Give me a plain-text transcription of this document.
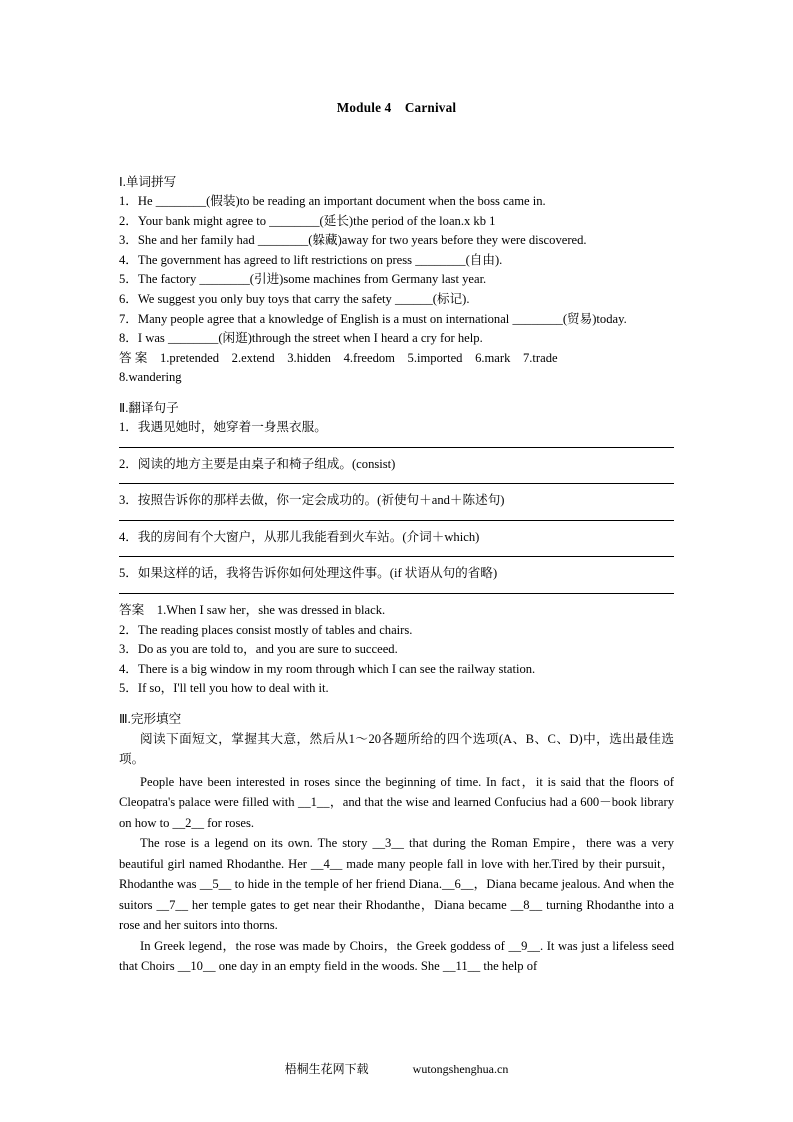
Module 4　Carnival
Ⅰ.单词拼写
1．He ________(假装)to be reading an important document when the boss came in.
2．Your bank might agree to ________(延长)the period of the loan.x kb 1
3．She and her family had ________(躲藏)away for two years before they were discovered.
4．The government has agreed to lift restrictions on press ________(自由).
5．The factory ________(引进)some machines from Germany last year.
6．We suggest you only buy toys that carry the safety ______(标记).
7．Many people agree that a knowledge of English is a must on international ________(贸易)today.
8．I was ________(闲逛)through the street when I heard a cry for help.
答 案 1.pretended　2.extend　3.hidden　4.freedom　5.imported　6.mark　7.trade
8.wandering
Ⅱ.翻译句子
1．我遇见她时，她穿着一身黑衣服。
2．阅读的地方主要是由桌子和椅子组成。(consist)
3．按照告诉你的那样去做，你一定会成功的。(祈使句＋and＋陈述句)
4．我的房间有个大窗户，从那儿我能看到火车站。(介词＋which)
5．如果这样的话，我将告诉你如何处理这件事。(if 状语从句的省略)
答案 1.When I saw her，she was dressed in black.
2．The reading places consist mostly of tables and chairs.
3．Do as you are told to，and you are sure to succeed.
4．There is a big window in my room through which I can see the railway station.
5．If so，I'll tell you how to deal with it.
Ⅲ.完形填空
阅读下面短文，掌握其大意，然后从1～20各题所给的四个选项(A、B、C、D)中，选出最佳选项。

People have been interested in roses since the beginning of time. In fact，it is said that the floors of Cleopatra's palace were filled with __1__，and that the wise and learned Confucius had a 600－book library on how to __2__ for roses.

The rose is a legend on its own. The story __3__ that during the Roman Empire，there was a very beautiful girl named Rhodanthe. Her __4__ made many people fall in love with her.Tired by their pursuit，Rhodanthe was __5__ to hide in the temple of her friend Diana.__6__，Diana became jealous. And when the suitors __7__ her temple gates to get near their Rhodanthe，Diana became __8__ turning Rhodanthe into a rose and her suitors into thorns.

In Greek legend，the rose was made by Choirs，the Greek goddess of __9__. It was just a lifeless seed that Choirs __10__ one day in an empty field in the woods. She __11__ the help of

梧桐生花网下载	wutongshenghua.cn
